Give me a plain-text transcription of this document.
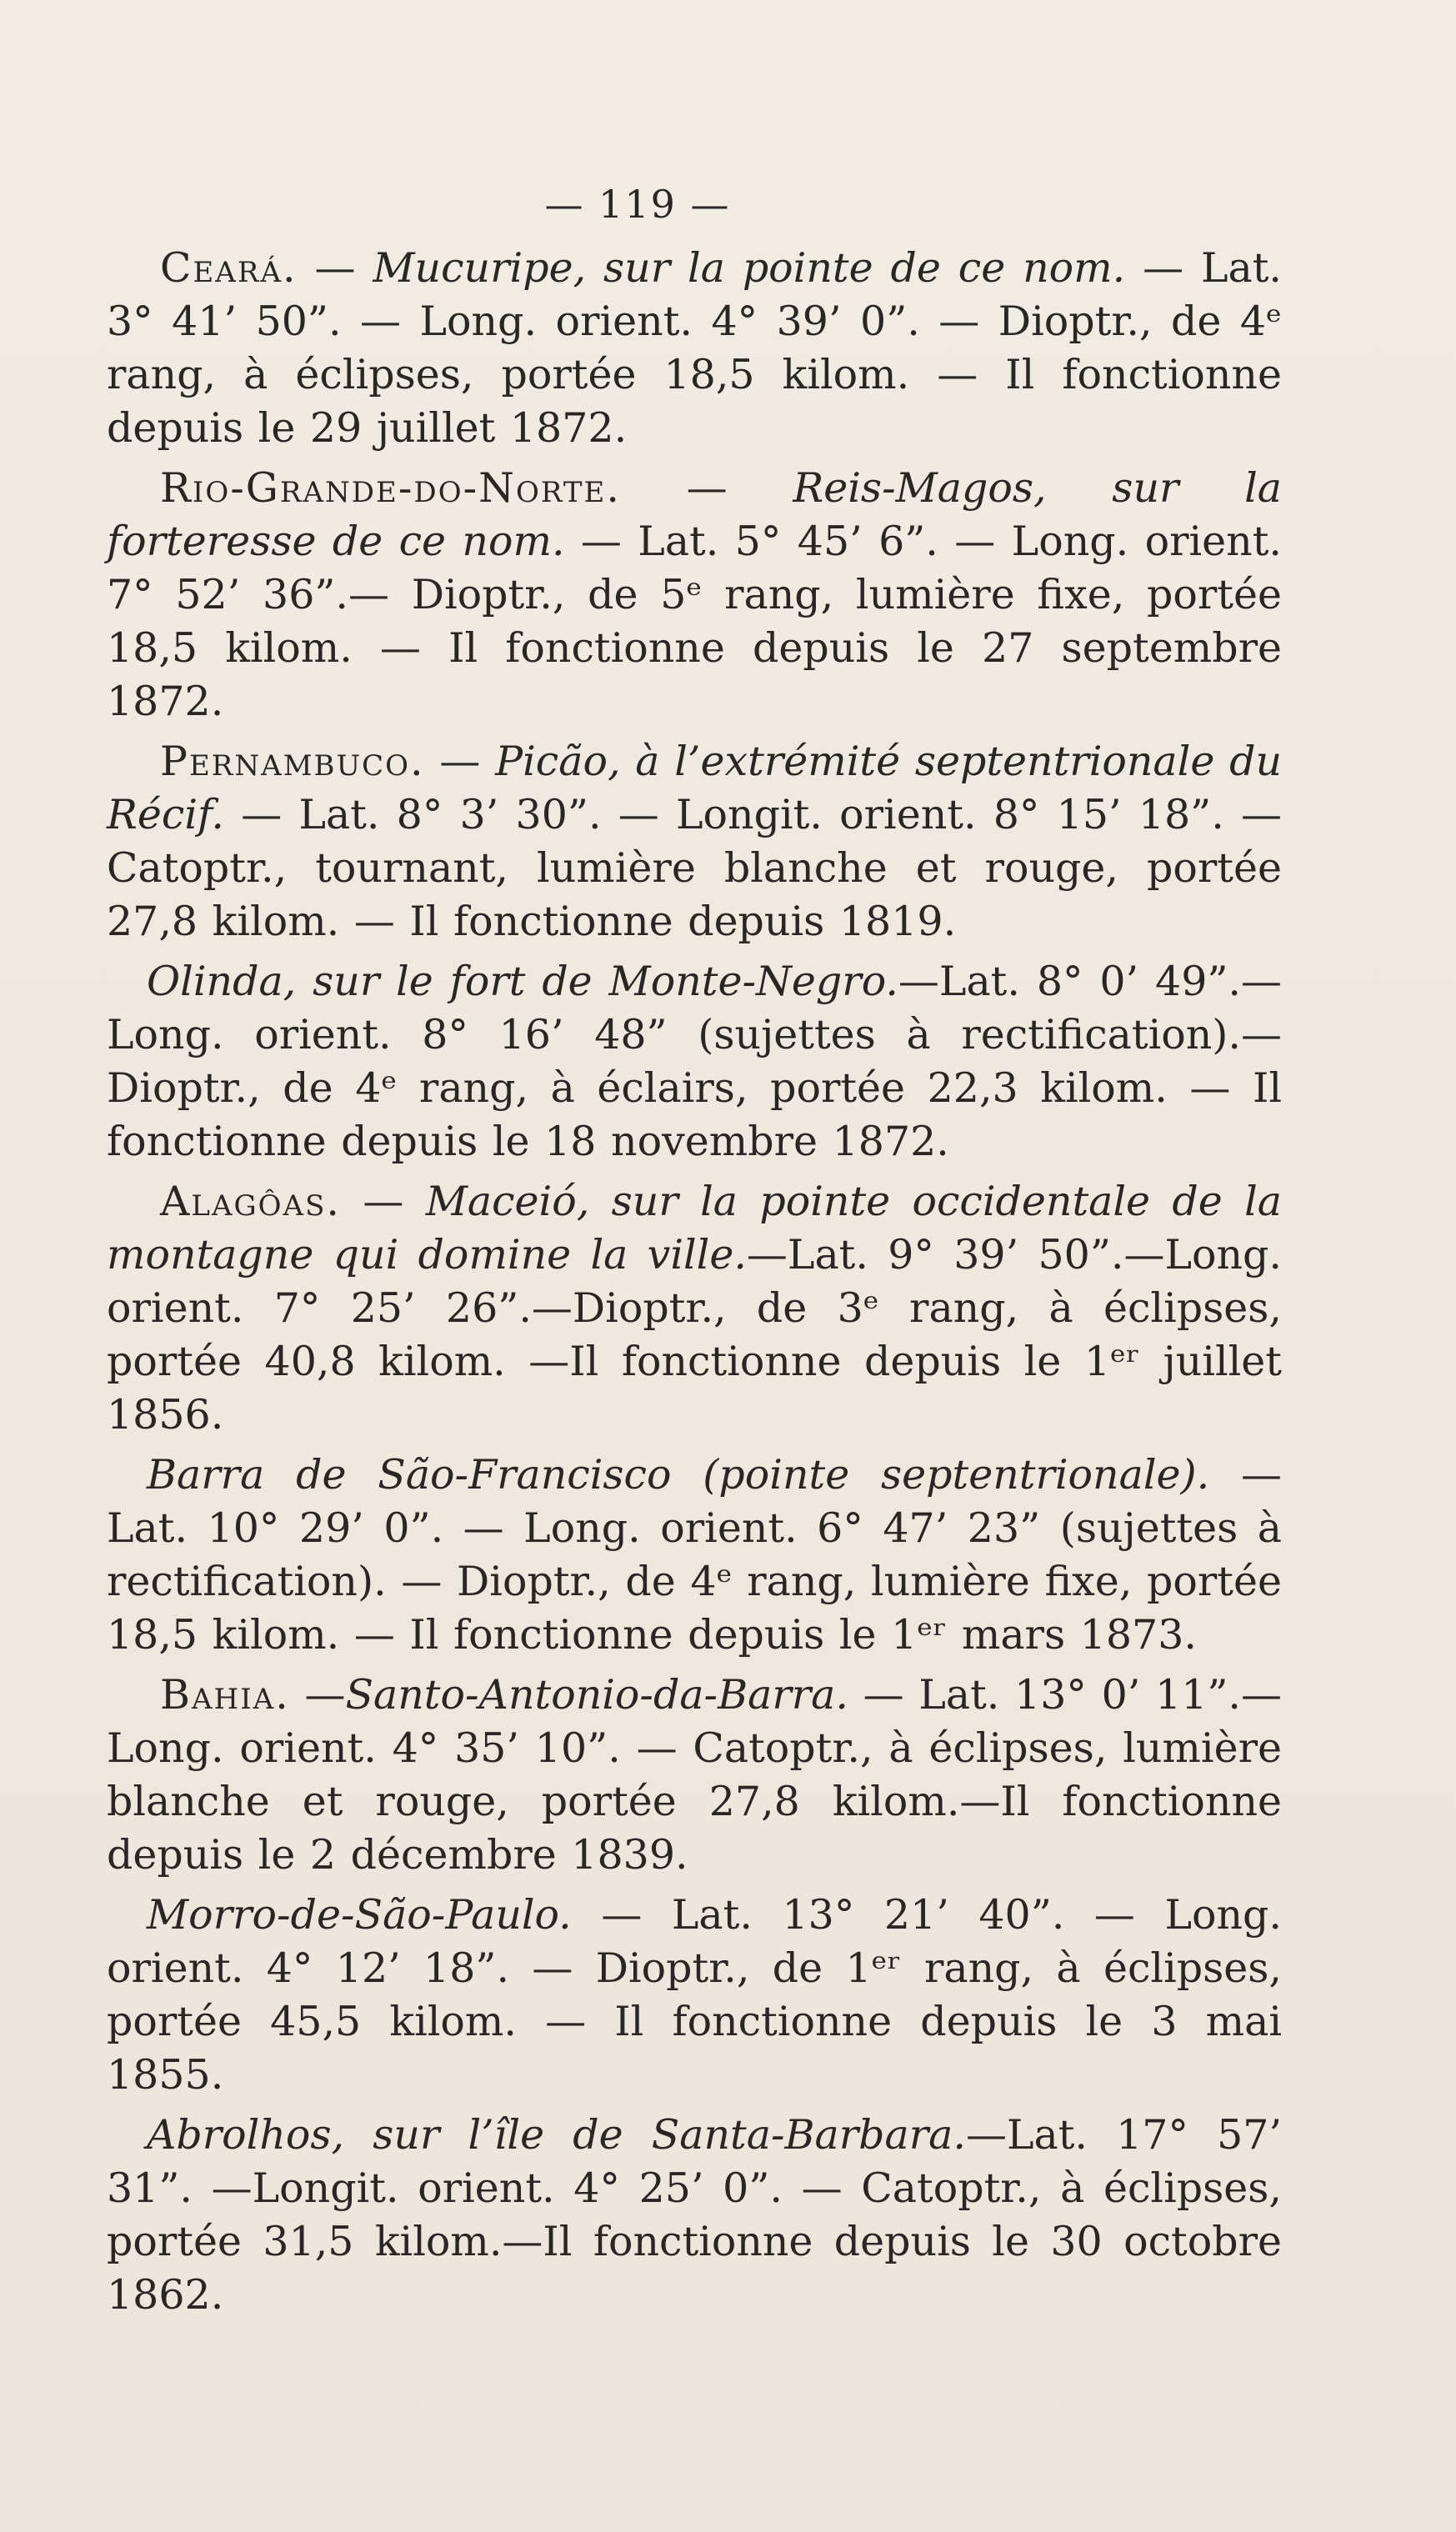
— 119 —

Ceará. — Mucuripe, sur la pointe de ce nom. — Lat. 3° 41’ 50”. — Long. orient. 4° 39’ 0”. — Dioptr., de 4ᵉ rang, à éclipses, portée 18,5 kilom. — Il fonctionne depuis le 29 juillet 1872.

Rio-Grande-do-Norte. — Reis-Magos, sur la forteresse de ce nom. — Lat. 5° 45’ 6”. — Long. orient. 7° 52’ 36”.— Dioptr., de 5ᵉ rang, lumière fixe, portée 18,5 kilom. — Il fonctionne depuis le 27 septembre 1872.

Pernambuco. — Picão, à l’extrémité septentrionale du Récif. — Lat. 8° 3’ 30”. — Longit. orient. 8° 15’ 18”. — Catoptr., tournant, lumière blanche et rouge, portée 27,8 kilom. — Il fonctionne depuis 1819.

Olinda, sur le fort de Monte-Negro.—Lat. 8° 0’ 49”.— Long. orient. 8° 16’ 48” (sujettes à rectification).—Dioptr., de 4ᵉ rang, à éclairs, portée 22,3 kilom. — Il fonctionne depuis le 18 novembre 1872.

Alagôas. — Maceió, sur la pointe occidentale de la montagne qui domine la ville.—Lat. 9° 39’ 50”.—Long. orient. 7° 25’ 26”.—Dioptr., de 3ᵉ rang, à éclipses, portée 40,8 kilom. —Il fonctionne depuis le 1ᵉʳ juillet 1856.

Barra de São-Francisco (pointe septentrionale). — Lat. 10° 29’ 0”. — Long. orient. 6° 47’ 23” (sujettes à rectification). — Dioptr., de 4ᵉ rang, lumière fixe, portée 18,5 kilom. — Il fonctionne depuis le 1ᵉʳ mars 1873.

Bahia. —Santo-Antonio-da-Barra. — Lat. 13° 0’ 11”.— Long. orient. 4° 35’ 10”. — Catoptr., à éclipses, lumière blanche et rouge, portée 27,8 kilom.—Il fonctionne depuis le 2 décembre 1839.

Morro-de-São-Paulo. — Lat. 13° 21’ 40”. — Long. orient. 4° 12’ 18”. — Dioptr., de 1ᵉʳ rang, à éclipses, portée 45,5 kilom. — Il fonctionne depuis le 3 mai 1855.

Abrolhos, sur l’île de Santa-Barbara.—Lat. 17° 57’ 31”. —Longit. orient. 4° 25’ 0”. — Catoptr., à éclipses, portée 31,5 kilom.—Il fonctionne depuis le 30 octobre 1862.
